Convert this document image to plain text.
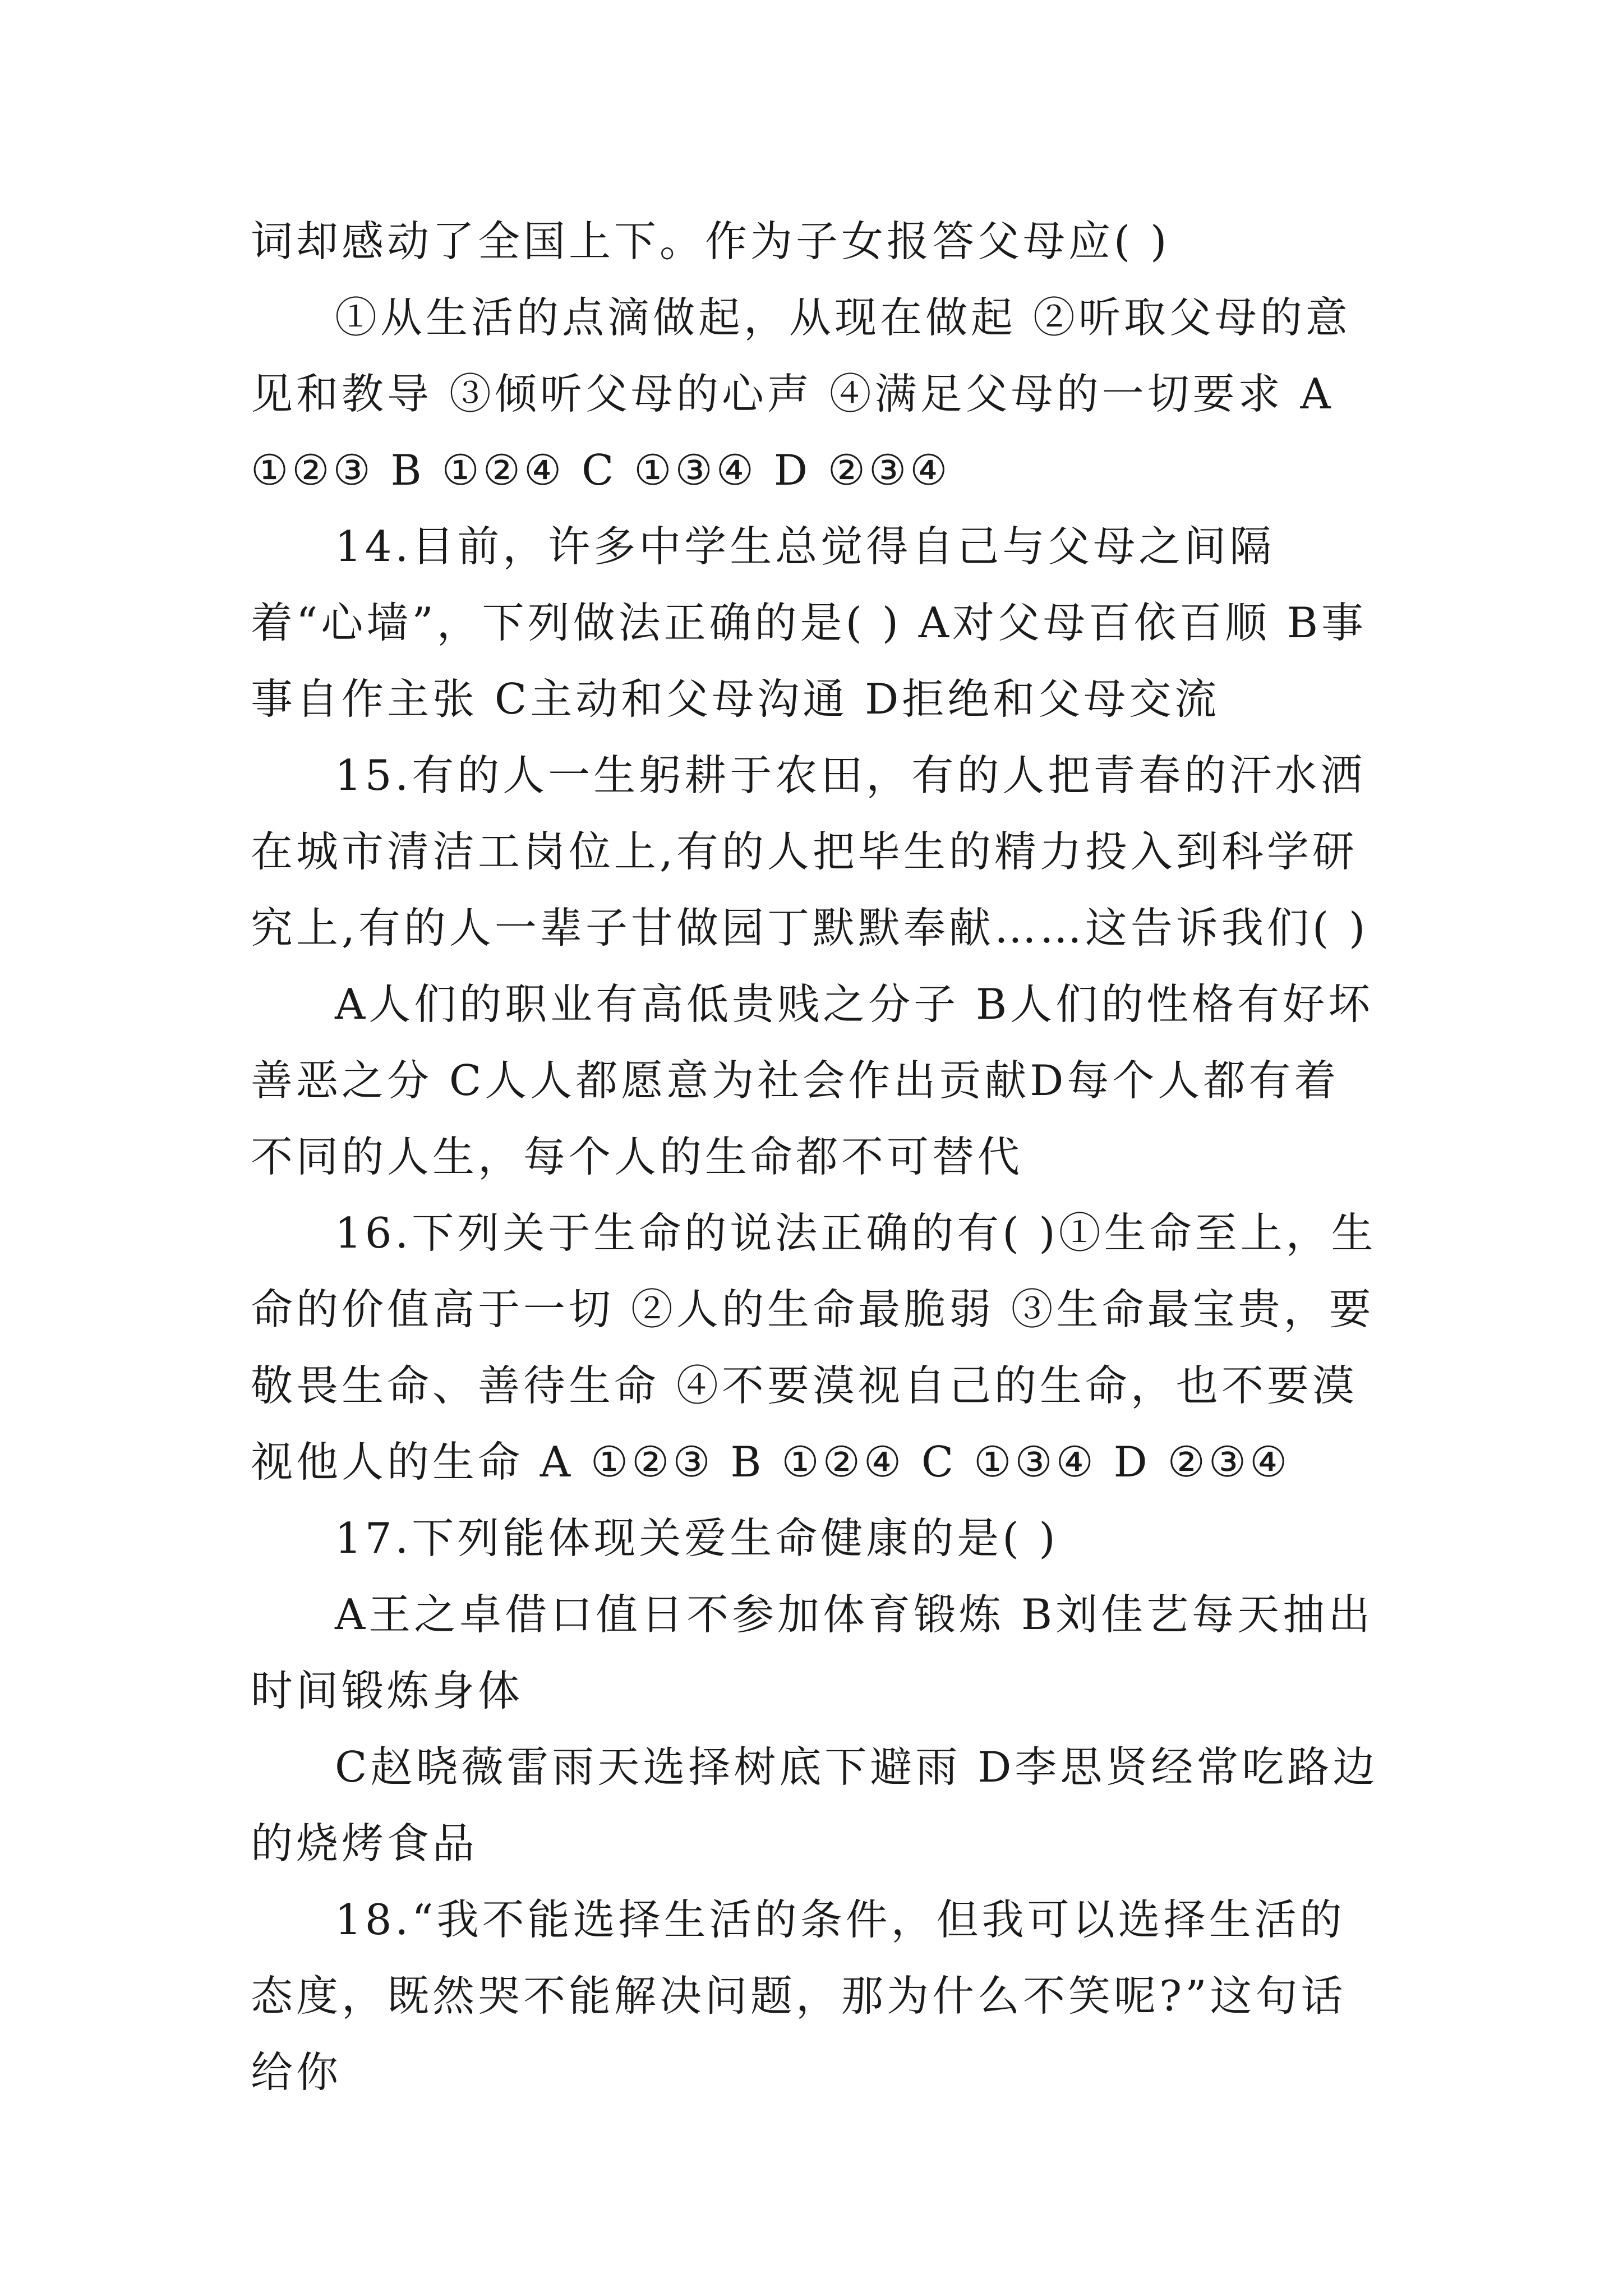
词却感动了全国上下。作为子女报答父母应( )

①从生活的点滴做起，从现在做起 ②听取父母的意见和教导 ③倾听父母的心声 ④满足父母的一切要求 A ①②③ B ①②④ C ①③④ D ②③④

14.目前，许多中学生总觉得自己与父母之间隔着“心墙”，下列做法正确的是( ) A对父母百依百顺 B事事自作主张 C主动和父母沟通 D拒绝和父母交流

15.有的人一生躬耕于农田，有的人把青春的汗水洒在城市清洁工岗位上,有的人把毕生的精力投入到科学研究上,有的人一辈子甘做园丁默默奉献……这告诉我们( )

A人们的职业有高低贵贱之分子 B人们的性格有好坏善恶之分 C人人都愿意为社会作出贡献D每个人都有着不同的人生，每个人的生命都不可替代

16.下列关于生命的说法正确的有( )①生命至上，生命的价值高于一切 ②人的生命最脆弱 ③生命最宝贵，要敬畏生命、善待生命 ④不要漠视自己的生命，也不要漠视他人的生命 A ①②③ B ①②④ C ①③④ D ②③④

17.下列能体现关爱生命健康的是( )

A王之卓借口值日不参加体育锻炼 B刘佳艺每天抽出时间锻炼身体

C赵晓薇雷雨天选择树底下避雨 D李思贤经常吃路边的烧烤食品

18.“我不能选择生活的条件，但我可以选择生活的态度，既然哭不能解决问题，那为什么不笑呢?”这句话给你
